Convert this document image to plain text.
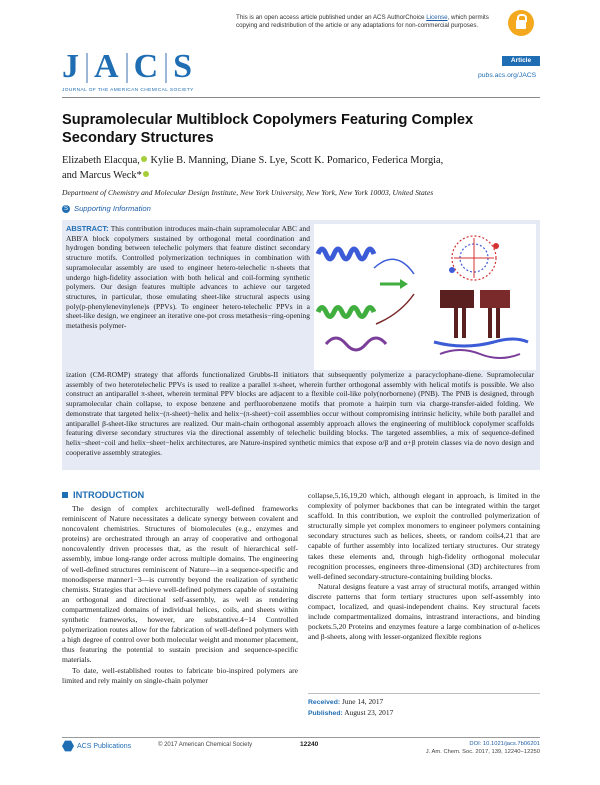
This is an open access article published under an ACS AuthorChoice License, which permits copying and redistribution of the article or any adaptations for non-commercial purposes.
Article
J A C S
JOURNAL OF THE AMERICAN CHEMICAL SOCIETY
pubs.acs.org/JACS
Supramolecular Multiblock Copolymers Featuring Complex Secondary Structures
Elizabeth Elacqua, Kylie B. Manning, Diane S. Lye, Scott K. Pomarico, Federica Morgia,
and Marcus Weck*
Department of Chemistry and Molecular Design Institute, New York University, New York, New York 10003, United States
S Supporting Information
ABSTRACT: This contribution introduces main-chain supramolecular ABC and ABB′A block copolymers sustained by orthogonal metal coordination and hydrogen bonding between telechelic polymers that feature distinct secondary structure motifs. Controlled polymerization techniques in combination with supramolecular assembly are used to engineer hetero-telechelic π-sheets that undergo high-fidelity association with both helical and coil-forming synthetic polymers. Our design features multiple advances to achieve our targeted structures, in particular, those emulating sheet-like structural aspects using poly(p-phenylenevinylene)s (PPVs). To engineer hetero-telechelic PPVs in a sheet-like design, we engineer an iterative one-pot cross metathesis−ring-opening metathesis polymer-
ization (CM-ROMP) strategy that affords functionalized Grubbs-II initiators that subsequently polymerize a paracyclophane-diene. Supramolecular assembly of two heterotelechelic PPVs is used to realize a parallel π-sheet, wherein further orthogonal assembly with helical motifs is possible. We also construct an antiparallel π-sheet, wherein terminal PPV blocks are adjacent to a flexible coil-like poly(norbornene) (PNB). The PNB is designed, through supramolecular chain collapse, to expose benzene and perfluorobenzene motifs that promote a hairpin turn via charge-transfer-aided folding. We demonstrate that targeted helix−(π-sheet)−helix and helix−(π-sheet)−coil assemblies occur without compromising intrinsic helicity, while both parallel and antiparallel β-sheet-like structures are realized. Our main-chain orthogonal assembly approach allows the engineering of multiblock copolymer scaffolds featuring diverse secondary structures via the directional assembly of telechelic building blocks. The targeted assemblies, a mix of sequence-defined helix−sheet−coil and helix−sheet−helix architectures, are Nature-inspired synthetic mimics that expose α/β and α+β protein classes via de novo design and cooperative assembly strategies.
INTRODUCTION

The design of complex architecturally well-defined frameworks reminiscent of Nature necessitates a delicate synergy between covalent and noncovalent chemistries. Structures of biomolecules (e.g., enzymes and proteins) are orchestrated through an array of cooperative and orthogonal noncovalently driven processes that, as the result of hierarchical self-assembly, imbue long-range order across multiple domains. The engineering of well-defined structures reminiscent of Nature—in a sequence-specific and monodisperse manner1−3—is currently beyond the realization of synthetic chemists. Strategies that achieve well-defined polymers capable of sustaining an orthogonal and directional self-assembly, as well as rendering compartmentalized domains of individual helices, coils, and sheets within synthetic frameworks, however, are substantive.4−14 Controlled polymerization routes allow for the fabrication of well-defined polymers with a high degree of control over both molecular weight and monomer placement, thus featuring the potential to sustain precision and sequence-specific materials.

To date, well-established routes to fabricate bio-inspired polymers are limited and rely mainly on single-chain polymer

collapse,5,16,19,20 which, although elegant in approach, is limited in the complexity of polymer backbones that can be integrated within the target scaffold. In this contribution, we exploit the controlled polymerization of structurally simple yet complex monomers to engineer polymers containing secondary structures such as helices, sheets, or random coils4,21 that are capable of further assembly into localized tertiary structures. Our strategy takes these elements and, through high-fidelity orthogonal molecular recognition processes, engineers three-dimensional (3D) architectures from well-defined secondary-structure-containing building blocks.

Natural designs feature a vast array of structural motifs, arranged within discrete patterns that form tertiary structures upon self-assembly into compact, localized, and quasi-independent chains. Key structural facets include compartmentalized domains, intrastrand interactions, and binding pockets.5,20 Proteins and enzymes feature a large combination of α-helices and β-sheets, along with lesser-organized flexible regions

Received: June 14, 2017
Published: August 23, 2017
ACS Publications	© 2017 American Chemical Society	12240	DOI: 10.1021/jacs.7b06201
J. Am. Chem. Soc. 2017, 139, 12240−12250
